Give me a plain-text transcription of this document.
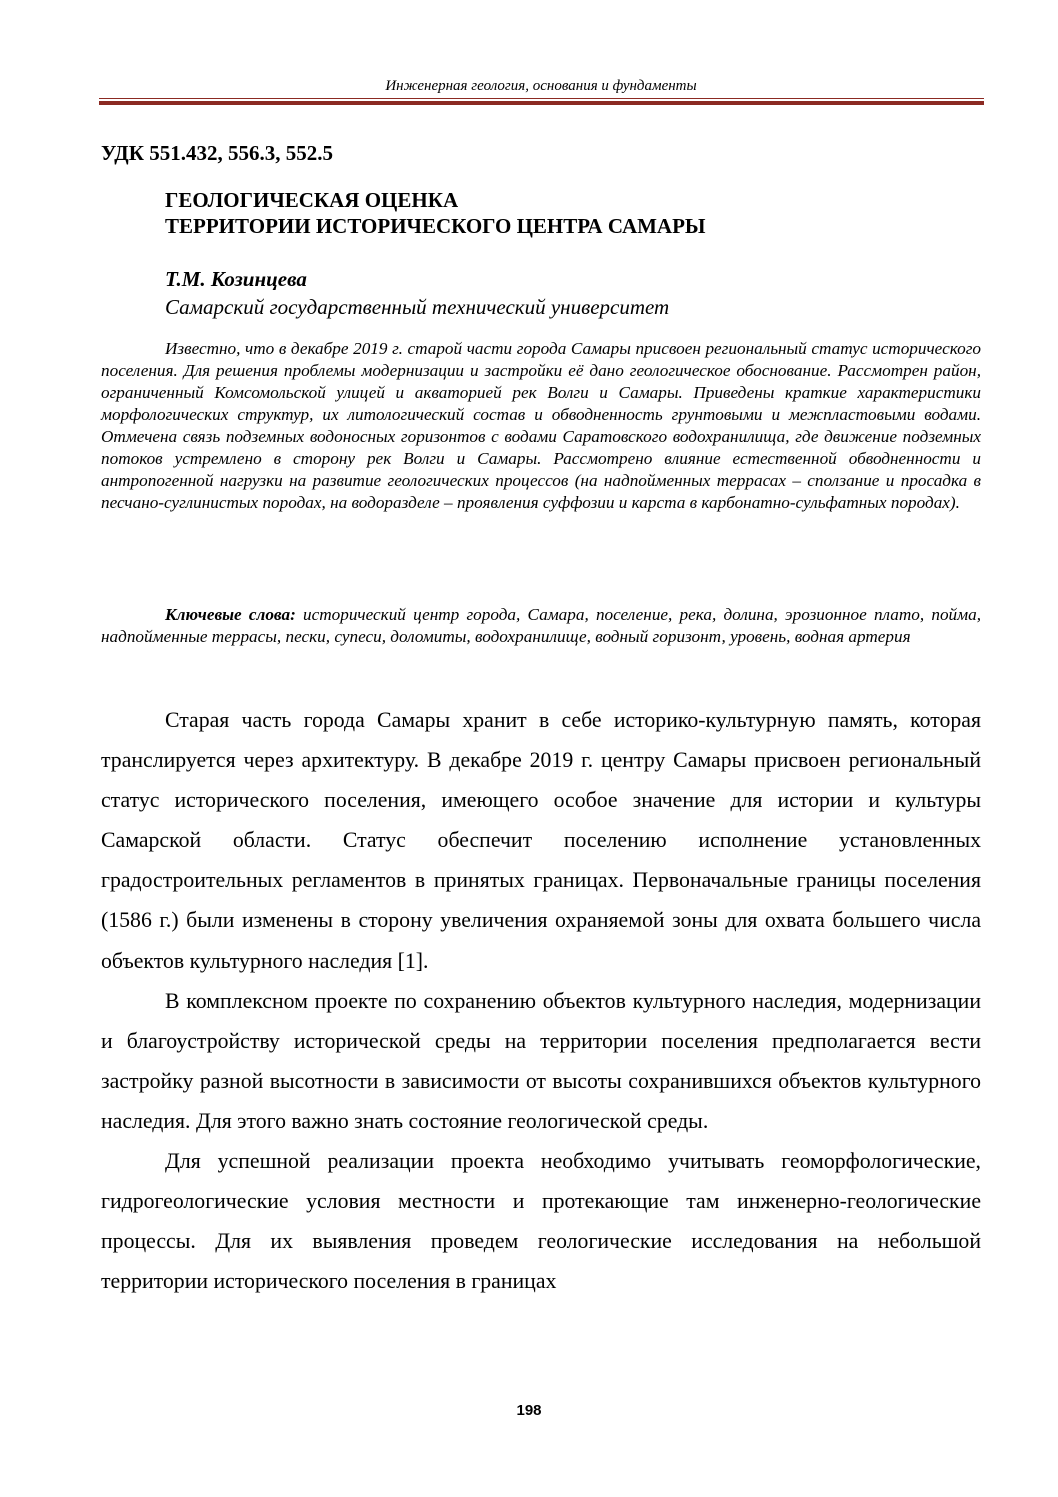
Инженерная геология, основания и фундаменты
УДК 551.432, 556.3, 552.5
ГЕОЛОГИЧЕСКАЯ ОЦЕНКА
ТЕРРИТОРИИ ИСТОРИЧЕСКОГО ЦЕНТРА САМАРЫ
Т.М. Козинцева
Самарский государственный технический университет

Известно, что в декабре 2019 г. старой части города Самары присвоен региональный статус исторического поселения. Для решения проблемы модернизации и застройки её дано геологическое обоснование. Рассмотрен район, ограниченный Комсомольской улицей и акваторией рек Волги и Самары. Приведены краткие характеристики морфологических структур, их литологический состав и обводненность грунтовыми и межпластовыми водами. Отмечена связь подземных водоносных горизонтов с водами Саратовского водохранилища, где движение подземных потоков устремлено в сторону рек Волги и Самары. Рассмотрено влияние естественной обводненности и антропогенной нагрузки на развитие геологических процессов (на надпойменных террасах – сползание и просадка в песчано-суглинистых породах, на водоразделе – проявления суффозии и карста в карбонатно-сульфатных породах).

Ключевые слова: исторический центр города, Самара, поселение, река, долина, эрозионное плато, пойма, надпойменные террасы, пески, супеси, доломиты, водохранилище, водный горизонт, уровень, водная артерия

Старая часть города Самары хранит в себе историко-культурную память, которая транслируется через архитектуру. В декабре 2019 г. центру Самары присвоен региональный статус исторического поселения, имеющего особое значение для истории и культуры Самарской области. Статус обеспечит поселению исполнение установленных градостроительных регламентов в принятых границах. Первоначальные границы поселения (1586 г.) были изменены в сторону увеличения охраняемой зоны для охвата большего числа объектов культурного наследия [1].

В комплексном проекте по сохранению объектов культурного наследия, модернизации и благоустройству исторической среды на территории поселения предполагается вести застройку разной высотности в зависимости от высоты сохранившихся объектов культурного наследия. Для этого важно знать состояние геологической среды.

Для успешной реализации проекта необходимо учитывать геоморфологические, гидрогеологические условия местности и протекающие там инженерно-геологические процессы. Для их выявления проведем геологические исследования на небольшой территории исторического поселения в границах

198
